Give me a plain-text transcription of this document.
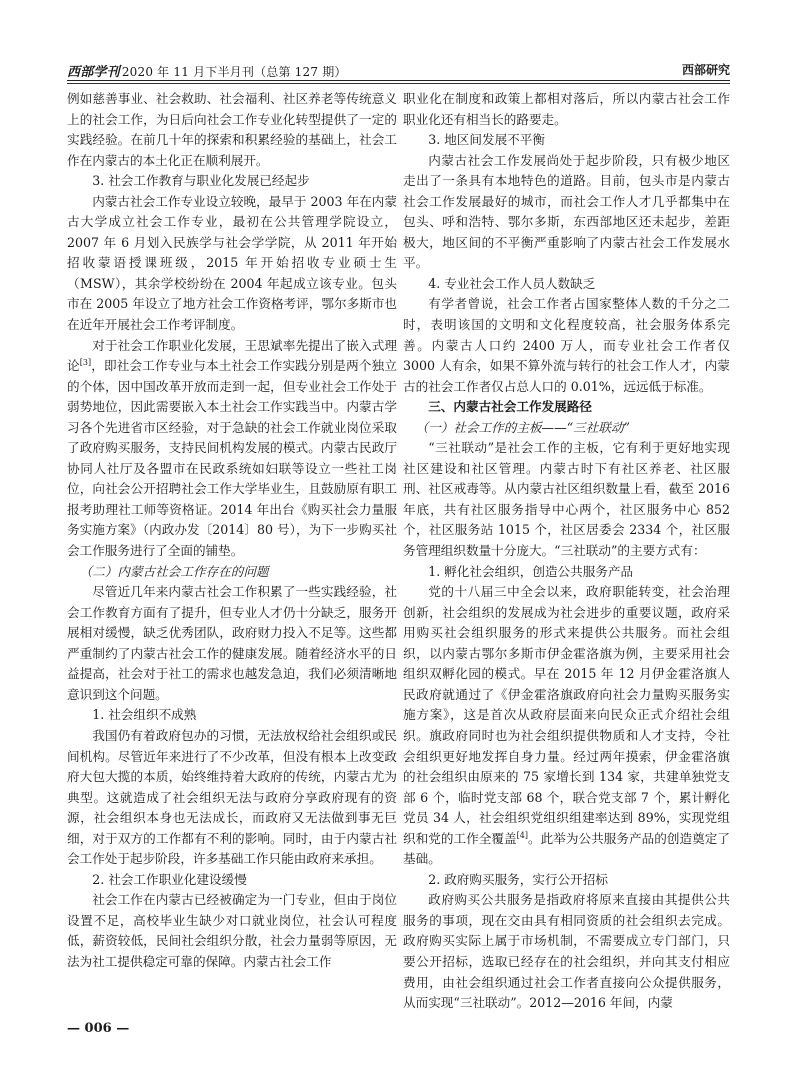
西部学刊 2020 年 11 月下半月刊（总第 127 期）	西部研究

例如慈善事业、社会救助、社会福利、社区养老等传统意义上的社会工作，为日后向社会工作专业化转型提供了一定的实践经验。在前几十年的探索和积累经验的基础上，社会工作在内蒙古的本土化正在顺利展开。

3. 社会工作教育与职业化发展已经起步

内蒙古社会工作专业设立较晚，最早于 2003 年在内蒙古大学成立社会工作专业，最初在公共管理学院设立，2007 年 6 月划入民族学与社会学学院，从 2011 年开始招收蒙语授课班级，2015 年开始招收专业硕士生（MSW），其余学校纷纷在 2004 年起成立该专业。包头市在 2005 年设立了地方社会工作资格考评，鄂尔多斯市也在近年开展社会工作考评制度。

对于社会工作职业化发展，王思斌率先提出了嵌入式理论[3]，即社会工作专业与本土社会工作实践分别是两个独立的个体，因中国改革开放而走到一起，但专业社会工作处于弱势地位，因此需要嵌入本土社会工作实践当中。内蒙古学习各个先进省市区经验，对于急缺的社会工作就业岗位采取了政府购买服务，支持民间机构发展的模式。内蒙古民政厅协同人社厅及各盟市在民政系统如妇联等设立一些社工岗位，向社会公开招聘社会工作大学毕业生，且鼓励原有职工报考助理社工师等资格证。2014 年出台《购买社会力量服务实施方案》（内政办发〔2014〕80 号），为下一步购买社会工作服务进行了全面的铺垫。

（二）内蒙古社会工作存在的问题

尽管近几年来内蒙古社会工作积累了一些实践经验，社会工作教育方面有了提升，但专业人才仍十分缺乏，服务开展相对缓慢，缺乏优秀团队，政府财力投入不足等。这些都严重制约了内蒙古社会工作的健康发展。随着经济水平的日益提高，社会对于社工的需求也越发急迫，我们必须清晰地意识到这个问题。

1. 社会组织不成熟

我国仍有着政府包办的习惯，无法放权给社会组织或民间机构。尽管近年来进行了不少改革，但没有根本上改变政府大包大揽的本质，始终维持着大政府的传统，内蒙古尤为典型。这就造成了社会组织无法与政府分享政府现有的资源，社会组织本身也无法成长，而政府又无法做到事无巨细，对于双方的工作都有不利的影响。同时，由于内蒙古社会工作处于起步阶段，许多基础工作只能由政府来承担。

2. 社会工作职业化建设缓慢

社会工作在内蒙古已经被确定为一门专业，但由于岗位设置不足，高校毕业生缺少对口就业岗位，社会认可程度低，薪资较低，民间社会组织分散，社会力量弱等原因，无法为社工提供稳定可靠的保障。内蒙古社会工作

职业化在制度和政策上都相对落后，所以内蒙古社会工作职业化还有相当长的路要走。

3. 地区间发展不平衡

内蒙古社会工作发展尚处于起步阶段，只有极少地区走出了一条具有本地特色的道路。目前，包头市是内蒙古社会工作发展最好的城市，而社会工作人才几乎都集中在包头、呼和浩特、鄂尔多斯，东西部地区还未起步，差距极大，地区间的不平衡严重影响了内蒙古社会工作发展水平。

4. 专业社会工作人员人数缺乏

有学者曾说，社会工作者占国家整体人数的千分之二时，表明该国的文明和文化程度较高，社会服务体系完善。内蒙古人口约 2400 万人，而专业社会工作者仅 3000 人有余，如果不算外流与转行的社会工作人才，内蒙古的社会工作者仅占总人口的 0.01%，远远低于标准。

三、内蒙古社会工作发展路径

（一）社会工作的主板——“三社联动”

“三社联动”是社会工作的主板，它有利于更好地实现社区建设和社区管理。内蒙古时下有社区养老、社区服刑、社区戒毒等。从内蒙古社区组织数量上看，截至 2016 年底，共有社区服务指导中心两个，社区服务中心 852 个，社区服务站 1015 个，社区居委会 2334 个，社区服务管理组织数量十分庞大。“三社联动”的主要方式有：

1. 孵化社会组织，创造公共服务产品

党的十八届三中全会以来，政府职能转变，社会治理创新，社会组织的发展成为社会进步的重要议题，政府采用购买社会组织服务的形式来提供公共服务。而社会组织，以内蒙古鄂尔多斯市伊金霍洛旗为例，主要采用社会组织双孵化园的模式。早在 2015 年 12 月伊金霍洛旗人民政府就通过了《伊金霍洛旗政府向社会力量购买服务实施方案》，这是首次从政府层面来向民众正式介绍社会组织。旗政府同时也为社会组织提供物质和人才支持，令社会组织更好地发挥自身力量。经过两年摸索，伊金霍洛旗的社会组织由原来的 75 家增长到 134 家，共建单独党支部 6 个，临时党支部 68 个，联合党支部 7 个，累计孵化党员 34 人，社会组织党组织组建率达到 89%，实现党组织和党的工作全覆盖[4]。此举为公共服务产品的创造奠定了基础。

2. 政府购买服务，实行公开招标

政府购买公共服务是指政府将原来直接由其提供公共服务的事项，现在交由具有相同资质的社会组织去完成。政府购买实际上属于市场机制，不需要成立专门部门，只要公开招标，选取已经存在的社会组织，并向其支付相应费用，由社会组织通过社会工作者直接向公众提供服务，从而实现“三社联动”。2012—2016 年间，内蒙

— 006 —
